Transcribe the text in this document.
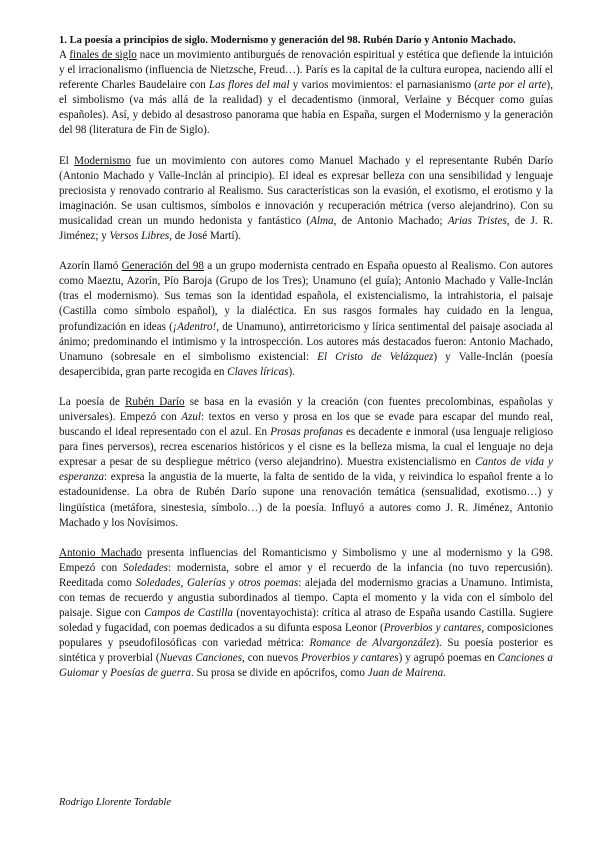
1. La poesía a principios de siglo. Modernismo y generación del 98. Rubén Darío y Antonio Machado.

A finales de siglo nace un movimiento antiburgués de renovación espiritual y estética que defiende la intuición y el irracionalismo (influencia de Nietzsche, Freud…). París es la capital de la cultura europea, naciendo allí el referente Charles Baudelaire con Las flores del mal y varios movimientos: el parnasianismo (arte por el arte), el simbolismo (va más allá de la realidad) y el decadentismo (inmoral, Verlaine y Bécquer como guías españoles). Así, y debido al desastroso panorama que había en España, surgen el Modernismo y la generación del 98 (literatura de Fin de Siglo).

El Modernismo fue un movimiento con autores como Manuel Machado y el representante Rubén Darío (Antonio Machado y Valle-Inclán al principio). El ideal es expresar belleza con una sensibilidad y lenguaje preciosista y renovado contrario al Realismo. Sus características son la evasión, el exotismo, el erotismo y la imaginación. Se usan cultismos, símbolos e innovación y recuperación métrica (verso alejandrino). Con su musicalidad crean un mundo hedonista y fantástico (Alma, de Antonio Machado; Arias Tristes, de J. R. Jiménez; y Versos Libres, de José Martí).

Azorín llamó Generación del 98 a un grupo modernista centrado en España opuesto al Realismo. Con autores como Maeztu, Azorín, Pío Baroja (Grupo de los Tres); Unamuno (el guía); Antonio Machado y Valle-Inclán (tras el modernismo). Sus temas son la identidad española, el existencialismo, la intrahistoria, el paisaje (Castilla como símbolo español), y la dialéctica. En sus rasgos formales hay cuidado en la lengua, profundización en ideas (¡Adentro!, de Unamuno), antirretoricismo y lírica sentimental del paisaje asociada al ánimo; predominando el intimismo y la introspección. Los autores más destacados fueron: Antonio Machado, Unamuno (sobresale en el simbolismo existencial: El Cristo de Velázquez) y Valle-Inclán (poesía desapercibida, gran parte recogida en Claves líricas).

La poesía de Rubén Darío se basa en la evasión y la creación (con fuentes precolombinas, españolas y universales). Empezó con Azul: textos en verso y prosa en los que se evade para escapar del mundo real, buscando el ideal representado con el azul. En Prosas profanas es decadente e inmoral (usa lenguaje religioso para fines perversos), recrea escenarios históricos y el cisne es la belleza misma, la cual el lenguaje no deja expresar a pesar de su despliegue métrico (verso alejandrino). Muestra existencialismo en Cantos de vida y esperanza: expresa la angustia de la muerte, la falta de sentido de la vida, y reivindica lo español frente a lo estadounidense. La obra de Rubén Darío supone una renovación temática (sensualidad, exotismo…) y lingüística (metáfora, sinestesia, símbolo…) de la poesía. Influyó a autores como J. R. Jiménez, Antonio Machado y los Novísimos.

Antonio Machado presenta influencias del Romanticismo y Simbolismo y une al modernismo y la G98. Empezó con Soledades: modernista, sobre el amor y el recuerdo de la infancia (no tuvo repercusión). Reeditada como Soledades, Galerías y otros poemas: alejada del modernismo gracias a Unamuno. Intimista, con temas de recuerdo y angustia subordinados al tiempo. Capta el momento y la vida con el símbolo del paisaje. Sigue con Campos de Castilla (noventayochista): crítica al atraso de España usando Castilla. Sugiere soledad y fugacidad, con poemas dedicados a su difunta esposa Leonor (Proverbios y cantares, composiciones populares y pseudofilosóficas con variedad métrica: Romance de Alvargonzález). Su poesía posterior es sintética y proverbial (Nuevas Canciones, con nuevos Proverbios y cantares) y agrupó poemas en Canciones a Guiomar y Poesías de guerra. Su prosa se divide en apócrifos, como Juan de Mairena.

Rodrigo Llorente Tordable
